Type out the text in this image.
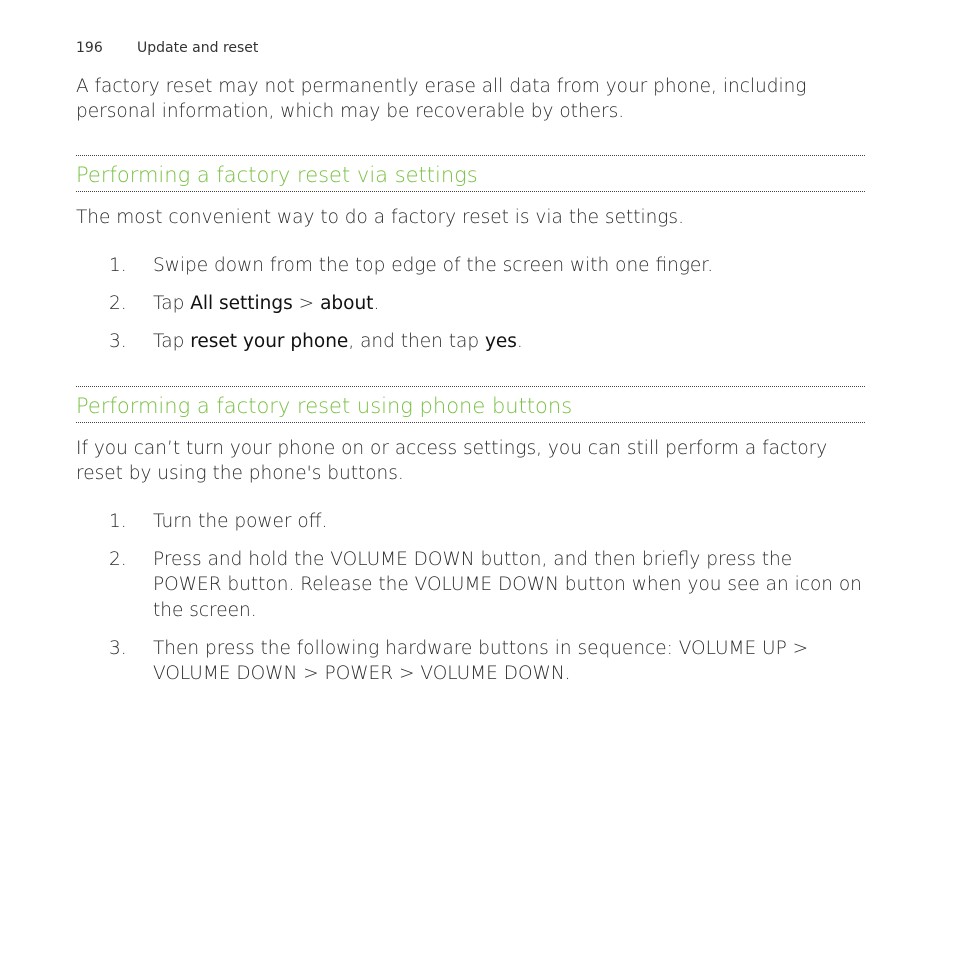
196 Update and reset

A factory reset may not permanently erase all data from your phone, including personal information, which may be recoverable by others.

Performing a factory reset via settings

The most convenient way to do a factory reset is via the settings.

1. Swipe down from the top edge of the screen with one finger.
2. Tap All settings > about.
3. Tap reset your phone, and then tap yes.
Performing a factory reset using phone buttons

If you can’t turn your phone on or access settings, you can still perform a factory reset by using the phone's buttons.

1. Turn the power off.
2. Press and hold the VOLUME DOWN button, and then briefly press the POWER button. Release the VOLUME DOWN button when you see an icon on the screen.
3. Then press the following hardware buttons in sequence: VOLUME UP > VOLUME DOWN > POWER > VOLUME DOWN.
